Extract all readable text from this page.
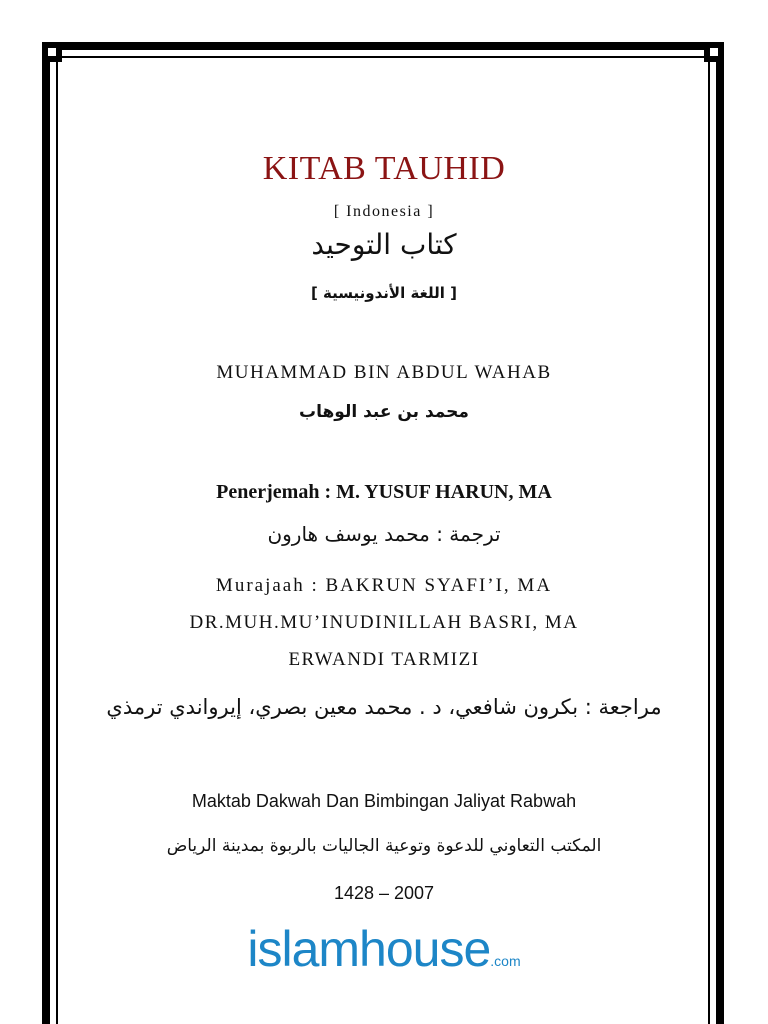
KITAB TAUHID
[ Indonesia ]
كتاب التوحيد
[ اللغة الأندونيسية ]
MUHAMMAD BIN ABDUL WAHAB
محمد بن عبد الوهاب
Penerjemah : M. YUSUF HARUN, MA
ترجمة : محمد يوسف هارون
Murajaah : BAKRUN SYAFI’I, MA
DR.MUH.MU’INUDINILLAH BASRI, MA
ERWANDI TARMIZI
مراجعة : بكرون شافعي، د . محمد معين بصري، إيرواندي ترمذي
Maktab Dakwah Dan Bimbingan Jaliyat Rabwah
المكتب التعاوني للدعوة وتوعية الجاليات بالربوة بمدينة الرياض
1428 – 2007
islamhouse.com
